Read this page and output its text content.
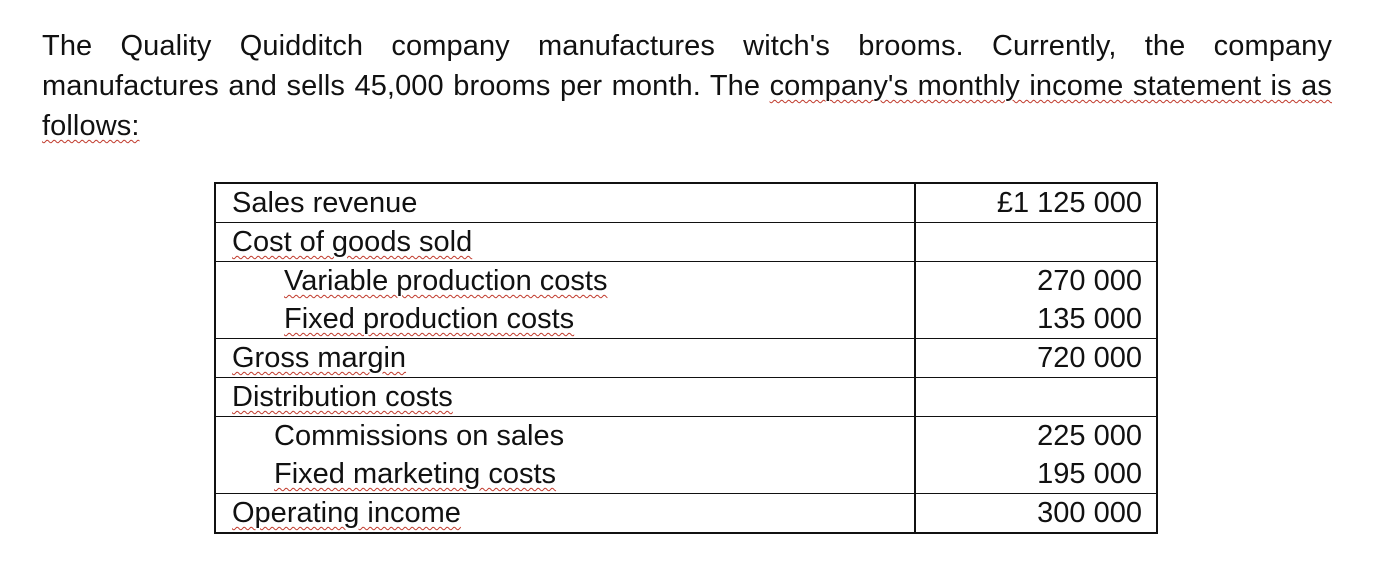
The Quality Quidditch company manufactures witch's brooms. Currently, the company manufactures and sells 45,000 brooms per month. The company's monthly income statement is as follows:

Sales revenue	£1 125 000
Cost of goods sold	
Variable production costs	270 000
Fixed production costs	135 000
Gross margin	720 000
Distribution costs	
Commissions on sales	225 000
Fixed marketing costs	195 000
Operating income	300 000
